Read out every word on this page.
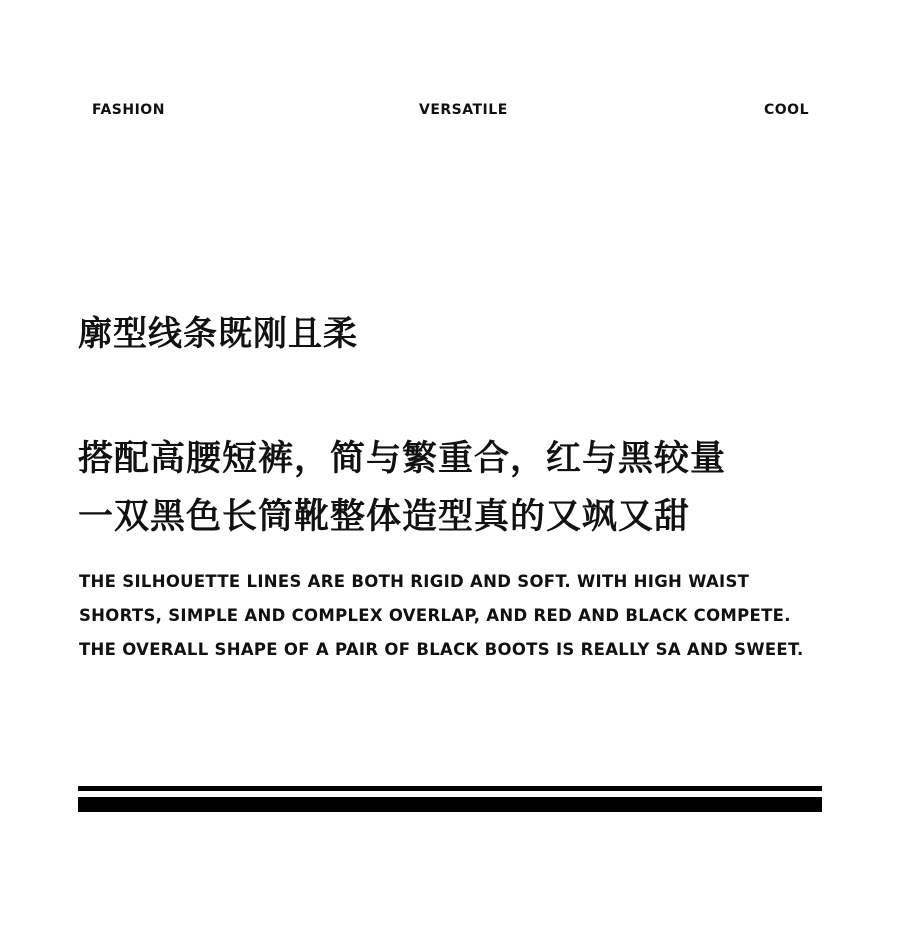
FASHION	VERSATILE	COOL
廓型线条既刚且柔
搭配高腰短裤，简与繁重合，红与黑较量
一双黑色长筒靴整体造型真的又飒又甜

THE SILHOUETTE LINES ARE BOTH RIGID AND SOFT. WITH HIGH WAIST SHORTS, SIMPLE AND COMPLEX OVERLAP, AND RED AND BLACK COMPETE. THE OVERALL SHAPE OF A PAIR OF BLACK BOOTS IS REALLY SA AND SWEET.
